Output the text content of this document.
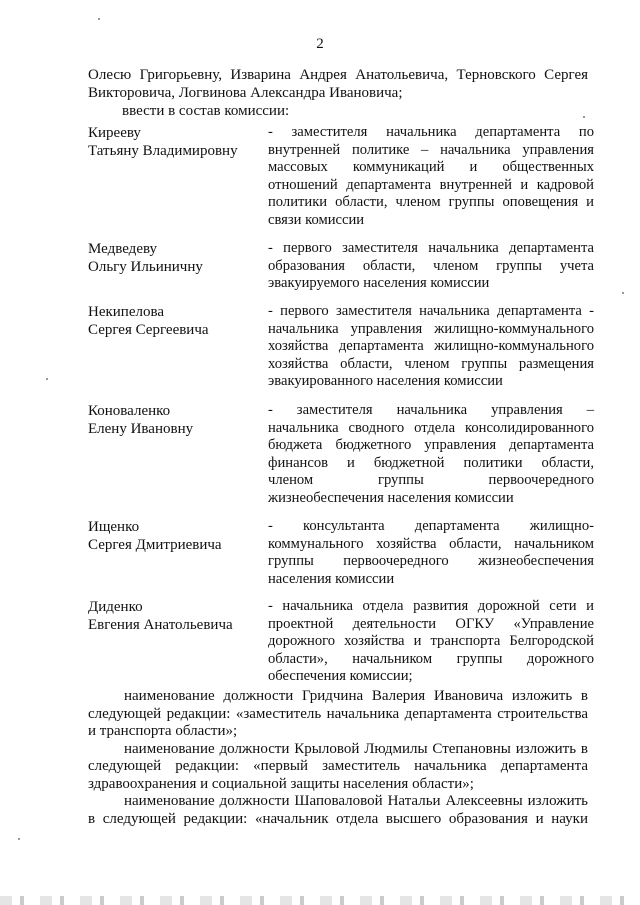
2
Олесю Григорьевну, Изварина Андрея Анатольевича, Терновского Сергея
Викторовича, Логвинова Александра Ивановича;
ввести в состав комиссии:
Кирееву
Татьяну Владимировну
- заместителя начальника департамента по
внутренней политике – начальника управления
массовых коммуникаций и общественных
отношений департамента внутренней и кадровой
политики области, членом группы оповещения и
связи комиссии
Медведеву
Ольгу Ильиничну
- первого заместителя начальника департамента
образования области, членом группы учета
эвакуируемого населения комиссии
Некипелова
Сергея Сергеевича
- первого заместителя начальника департамента -
начальника управления жилищно-коммунального
хозяйства департамента жилищно-коммунального
хозяйства области, членом группы размещения
эвакуированного населения комиссии
Коноваленко
Елену Ивановну
- заместителя начальника управления –
начальника сводного отдела консолидированного
бюджета бюджетного управления департамента
финансов и бюджетной политики области,
членом группы первоочередного
жизнеобеспечения населения комиссии
Ищенко
Сергея Дмитриевича
- консультанта департамента жилищно-
коммунального хозяйства области, начальником
группы первоочередного жизнеобеспечения
населения комиссии
Диденко
Евгения Анатольевича
- начальника отдела развития дорожной сети и
проектной деятельности ОГКУ «Управление
дорожного хозяйства и транспорта Белгородской
области», начальником группы дорожного
обеспечения комиссии;
наименование должности Гридчина Валерия Ивановича изложить в
следующей редакции: «заместитель начальника департамента строительства
и транспорта области»;
наименование должности Крыловой Людмилы Степановны изложить в
следующей редакции: «первый заместитель начальника департамента
здравоохранения и социальной защиты населения области»;
наименование должности Шаповаловой Натальи Алексеевны изложить
в следующей редакции: «начальник отдела высшего образования и науки
